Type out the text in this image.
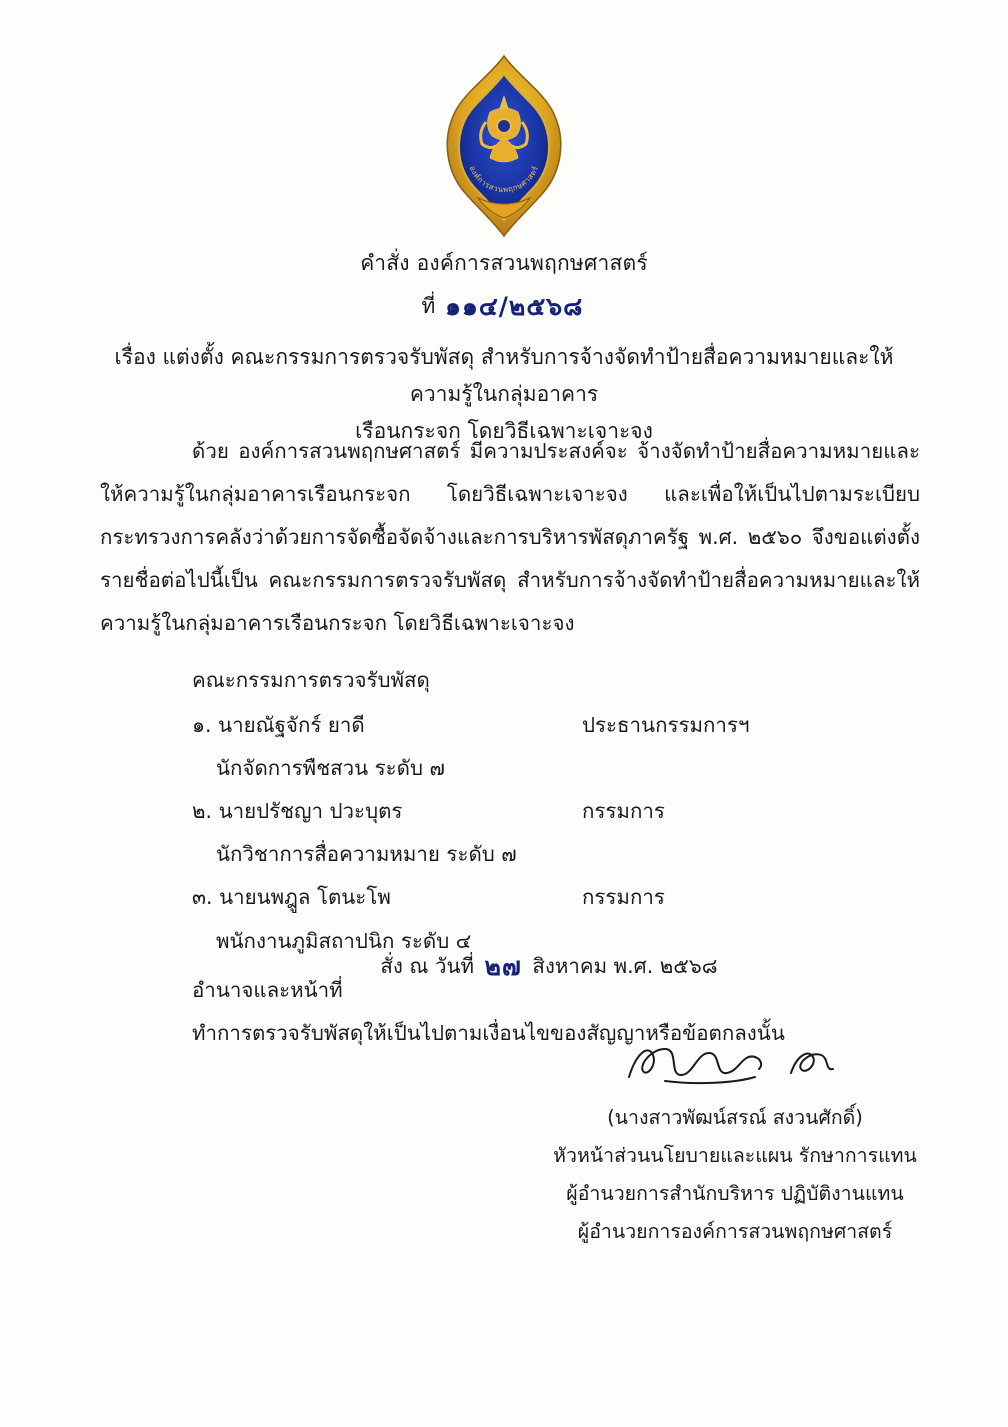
องค์การสวนพฤกษศาสตร์
คำสั่ง องค์การสวนพฤกษศาสตร์
ที่ ๑๑๔/๒๕๖๘
เรื่อง แต่งตั้ง คณะกรรมการตรวจรับพัสดุ สำหรับการจ้างจัดทำป้ายสื่อความหมายและให้ความรู้ในกลุ่มอาคาร
เรือนกระจก โดยวิธีเฉพาะเจาะจง
ด้วย องค์การสวนพฤกษศาสตร์ มีความประสงค์จะ จ้างจัดทำป้ายสื่อความหมายและให้ความรู้ในกลุ่มอาคารเรือนกระจก โดยวิธีเฉพาะเจาะจง และเพื่อให้เป็นไปตามระเบียบกระทรวงการคลังว่าด้วยการจัดซื้อจัดจ้างและการบริหารพัสดุภาครัฐ พ.ศ. ๒๕๖๐ จึงขอแต่งตั้งรายชื่อต่อไปนี้เป็น คณะกรรมการตรวจรับพัสดุ สำหรับการจ้างจัดทำป้ายสื่อความหมายและให้ความรู้ในกลุ่มอาคารเรือนกระจก โดยวิธีเฉพาะเจาะจง
คณะกรรมการตรวจรับพัสดุ
๑. นายณัฐจักร์ ยาดี	ประธานกรรมการฯ
นักจัดการพืชสวน ระดับ ๗
๒. นายปรัชญา ปวะบุตร	กรรมการ
นักวิชาการสื่อความหมาย ระดับ ๗
๓. นายนพฎูล โตนะโพ	กรรมการ
พนักงานภูมิสถาปนิก ระดับ ๔
อำนาจและหน้าที่
ทำการตรวจรับพัสดุให้เป็นไปตามเงื่อนไขของสัญญาหรือข้อตกลงนั้น
สั่ง ณ วันที่ ๒๗ สิงหาคม พ.ศ. ๒๕๖๘
(นางสาวพัฒน์สรณ์ สงวนศักดิ์)
หัวหน้าส่วนนโยบายและแผน รักษาการแทน
ผู้อำนวยการสำนักบริหาร ปฏิบัติงานแทน
ผู้อำนวยการองค์การสวนพฤกษศาสตร์
